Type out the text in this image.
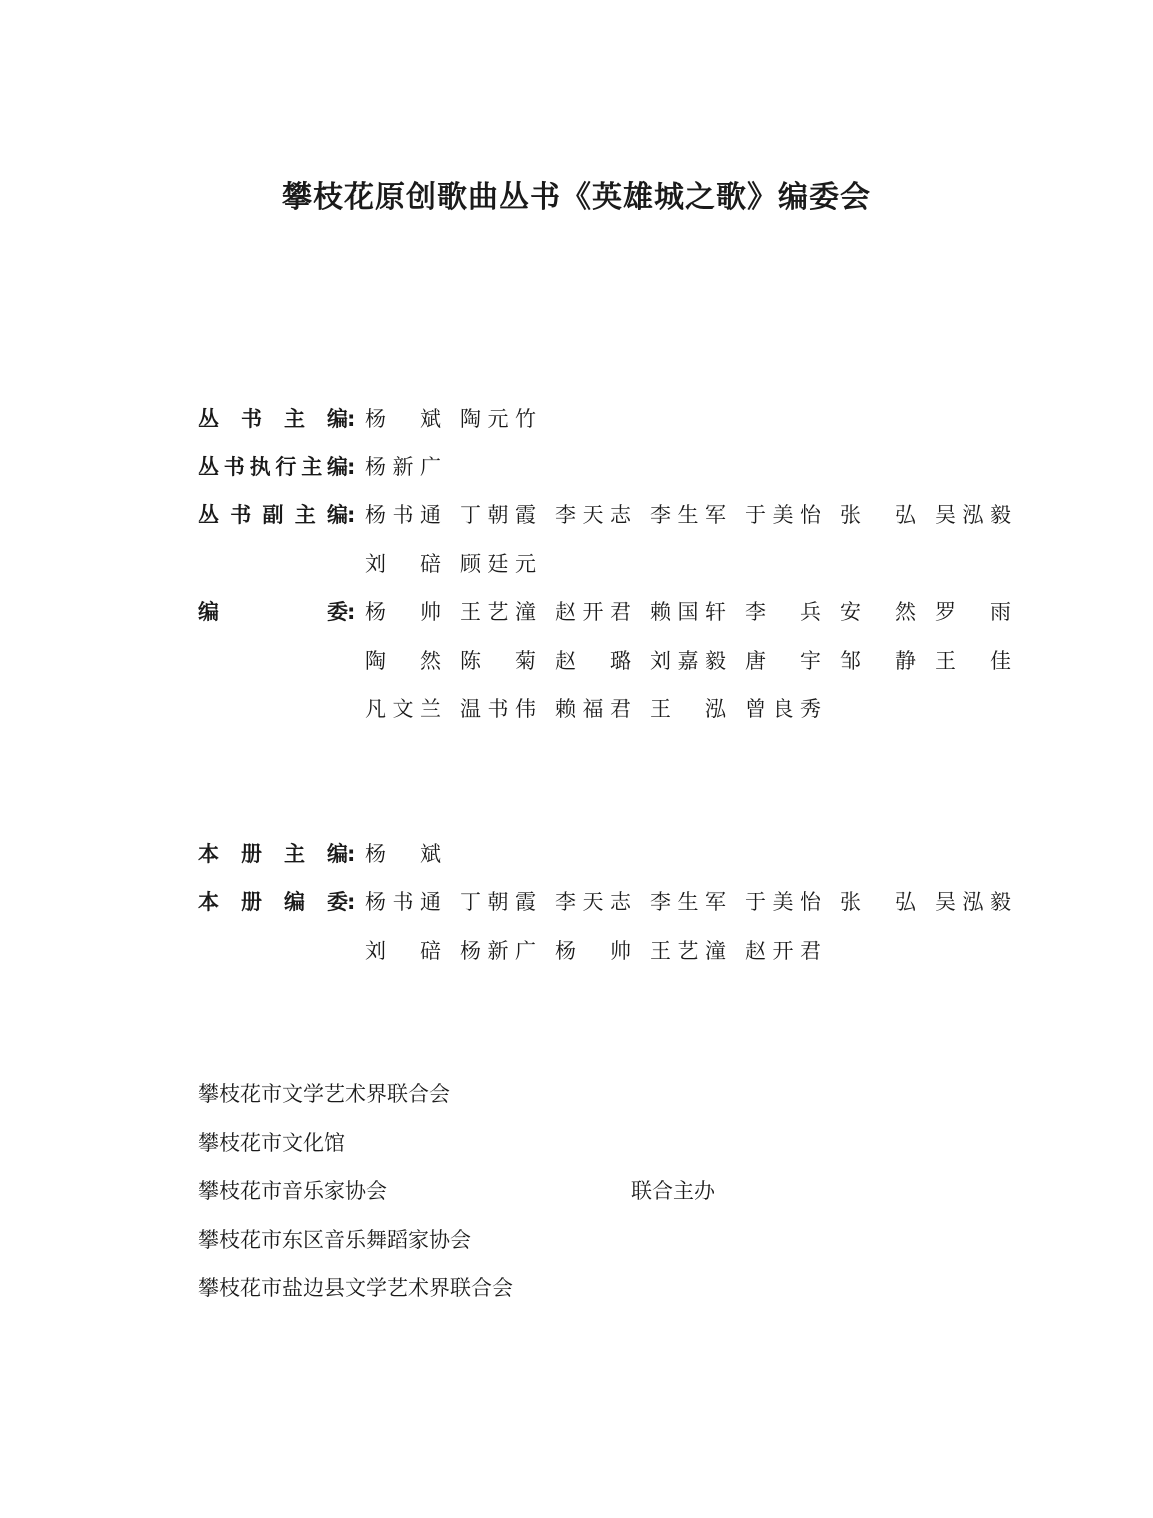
攀枝花原创歌曲丛书《英雄城之歌》编委会
丛 书 主 编 : 杨 斌 陶 元 竹
丛 书 执 行 主 编 : 杨 新 广
丛 书 副 主 编 : 杨 书 通 丁 朝 霞 李 天 志 李 生 军 于 美 怡 张 弘 吴 泓 毅
刘 碚 顾 廷 元
编	委 : 杨 帅 王 艺 潼 赵 开 君 赖 国 轩 李 兵 安 然 罗 雨
陶 然 陈 菊 赵 璐 刘 嘉 毅 唐 宇 邹 静 王 佳
凡 文 兰 温 书 伟 赖 福 君 王 泓 曾 良 秀
本 册 主 编 : 杨 斌
本 册 编 委 : 杨 书 通 丁 朝 霞 李 天 志 李 生 军 于 美 怡 张 弘 吴 泓 毅
刘 碚 杨 新 广 杨 帅 王 艺 潼 赵 开 君
攀枝花市文学艺术界联合会
攀枝花市文化馆
攀枝花市音乐家协会
攀枝花市东区音乐舞蹈家协会
攀枝花市盐边县文学艺术界联合会
联合主办
